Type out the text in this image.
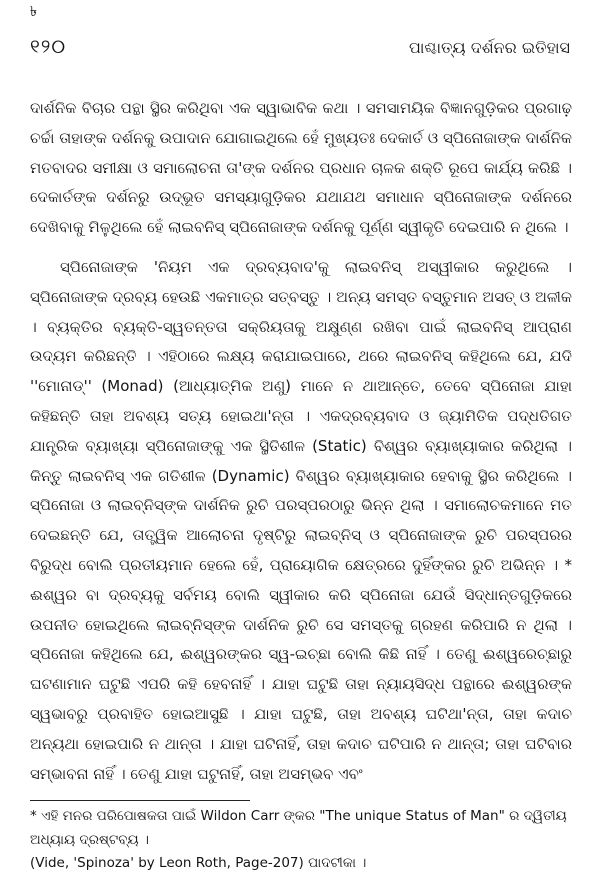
৳
୧୨୦	ପାଶ୍ଚାତ୍ୟ ଦର୍ଶନର ଇତିହାସ

ଦାର୍ଶନିକ ବିଚାର ପନ୍ଥା ସ୍ଥିର କରିଥିବା ଏକ ସ୍ୱାଭାବିକ କଥା । ସମସାମୟିକ ବିଜ୍ଞାନଗୁଡ଼ିକର ପ୍ରଗାଢ଼ ଚର୍ଚ୍ଚା ତାହାଙ୍କ ଦର୍ଶନକୁ ଉପାଦାନ ଯୋଗାଇଥିଲେ ହେଁ ମୁଖ୍ୟତଃ ଦେକାର୍ତ ଓ ସ୍ପିନୋଜାଙ୍କ ଦାର୍ଶନିକ ମତବାଦର ସମୀକ୍ଷା ଓ ସମାଲୋଚନା ତା'ଙ୍କ ଦର୍ଶନର ପ୍ରଧାନ ଚାଳକ ଶକ୍ତି ରୂପେ କାର୍ଯ୍ୟ କରିଛି । ଦେକାର୍ତଙ୍କ ଦର୍ଶନରୁ ଉଦ୍ଭୂତ ସମସ୍ୟାଗୁଡ଼ିକର ଯଥାଯଥ ସମାଧାନ ସ୍ପିନୋଜାଙ୍କ ଦର୍ଶନରେ ଦେଖିବାକୁ ମିଳୁଥିଲେ ହେଁ ଲାଇବନିସ୍ ସ୍ପିନୋଜାଙ୍କ ଦର୍ଶନକୁ ପୂର୍ଣ୍ଣ ସ୍ୱୀକୃତି ଦେଇପାରି ନ ଥିଲେ ।

ସ୍ପିନୋଜାଙ୍କ 'ନିୟମ ଏକ ଦ୍ରବ୍ୟବାଦ'କୁ ଲାଇବନିସ୍ ଅସ୍ୱୀକାର କରୁଥିଲେ । ସ୍ପିନୋଜାଙ୍କ ଦ୍ରବ୍ୟ ହେଉଛି ଏକମାତ୍ର ସତ୍‌ବସ୍ତୁ । ଅନ୍ୟ ସମସ୍ତ ବସ୍ତୁମାନ ଅସତ୍ ଓ ଅଳୀକ । ବ୍ୟକ୍ତିର ବ୍ୟକ୍ତି-ସ୍ୱତନ୍ତତା ସକ୍ରିୟତାକୁ ଅକ୍ଷୁଣ୍ଣ ରଖିବା ପାଇଁ ଲାଇବନିସ୍ ଆପ୍ରାଣ ଉଦ୍ୟମ କରିଛନ୍ତି । ଏହିଠାରେ ଲକ୍ଷ୍ୟ କରାଯାଇପାରେ, ଥରେ ଲାଇବନିସ୍ କହିଥିଲେ ଯେ, ଯଦି ''ମୋନାଡ୍'' (Monad) (ଆଧ୍ୟାତ୍ମିକ ଅଣୁ) ମାନେ ନ ଥାଆନ୍ତେ, ତେବେ ସ୍ପିନୋଜା ଯାହା କହିଛନ୍ତି ତାହା ଅବଶ୍ୟ ସତ୍ୟ ହୋଇଥା'ନ୍ତା । ଏକଦ୍ରବ୍ୟବାଦ ଓ ଜ୍ୟାମିତିକ ପଦ୍ଧତିଗତ ଯାନ୍ତ୍ରିକ ବ୍ୟାଖ୍ୟା ସ୍ପିନୋଜାଙ୍କୁ ଏକ ସ୍ଥିତିଶୀଳ (Static) ବିଶ୍ୱର ବ୍ୟାଖ୍ୟାକାର କରିଥିଲା । କିନ୍ତୁ ଲାଇବନିସ୍ ଏକ ଗତିଶୀଳ (Dynamic) ବିଶ୍ୱର ବ୍ୟାଖ୍ୟାକାର ହେବାକୁ ସ୍ଥିର କରିଥିଲେ । ସ୍ପିନୋଜା ଓ ଲାଇବ୍‌ନିସ୍‌ଙ୍କ ଦାର୍ଶନିକ ରୁଚି ପରସ୍ପରଠାରୁ ଭିନ୍ନ ଥିଲା । ସମାଲୋଚକମାନେ ମତ ଦେଇଛନ୍ତି ଯେ, ତାତ୍ତ୍ୱିକ ଆଲୋଚନା ଦୃଷ୍ଟିରୁ ଲାଇବ୍‌ନିସ୍ ଓ ସ୍ପିନୋଜାଙ୍କ ରୁଚି ପରସ୍ପରର ବିରୁଦ୍ଧ ବୋଲି ପ୍ରତୀୟମାନ ହେଲେ ହେଁ, ପ୍ରାୟୋଗିକ କ୍ଷେତ୍ରରେ ଦୁହିଁଙ୍କର ରୁଚି ଅଭିନ୍ନ । * ଈଶ୍ୱର ବା ଦ୍ରବ୍ୟକୁ ସର୍ବମୟ ବୋଲି ସ୍ୱୀକାର କରି ସ୍ପିନୋଜା ଯେଉଁ ସିଦ୍ଧାନ୍ତଗୁଡ଼ିକରେ ଉପନୀତ ହୋଇଥିଲେ ଲାଇବ୍‌ନିସ୍‌ଙ୍କ ଦାର୍ଶନିକ ରୁଚି ସେ ସମସ୍ତକୁ ଗ୍ରହଣ କରିପାରି ନ ଥିଲା । ସ୍ପିନୋଜା କହିଥିଲେ ଯେ, ଈଶ୍ୱରଙ୍କର ସ୍ୱ-ଇଚ୍ଛା ବୋଲି କିଛି ନାହିଁ । ତେଣୁ ଈଶ୍ୱରେଚ୍ଛାରୁ ଘଟଣାମାନ ଘଟୁଛି ଏପରି କହି ହେବନାହିଁ । ଯାହା ଘଟୁଛି ତାହା ନ୍ୟାୟସିଦ୍ଧ ପନ୍ଥାରେ ଈଶ୍ୱରଙ୍କ ସ୍ୱଭାବରୁ ପ୍ରବାହିତ ହୋଇଆସୁଛି । ଯାହା ଘଟୁଛି, ତାହା ଅବଶ୍ୟ ଘଟିଥା'ନ୍ତା, ତାହା କଦାଚ ଅନ୍ୟଥା ହୋଇପାରି ନ ଥାନ୍ତା । ଯାହା ଘଟିନାହିଁ, ତାହା କଦାଚ ଘଟିପାରି ନ ଥାନ୍ତା; ତାହା ଘଟିବାର ସମ୍ଭାବନା ନାହିଁ । ତେଣୁ ଯାହା ଘଟୁନାହିଁ, ତାହା ଅସମ୍ଭବ ଏବଂ

* ଏହି ମନର ପରିପୋଷକତା ପାଇଁ Wildon Carr ଙ୍କର "The unique Status of Man" ର ଦ୍ୱିତୀୟ ଅଧ୍ୟାୟ ଦ୍ରଷ୍ଟବ୍ୟ ।

(Vide, 'Spinoza' by Leon Roth, Page-207) ପାଦଟୀକା ।
